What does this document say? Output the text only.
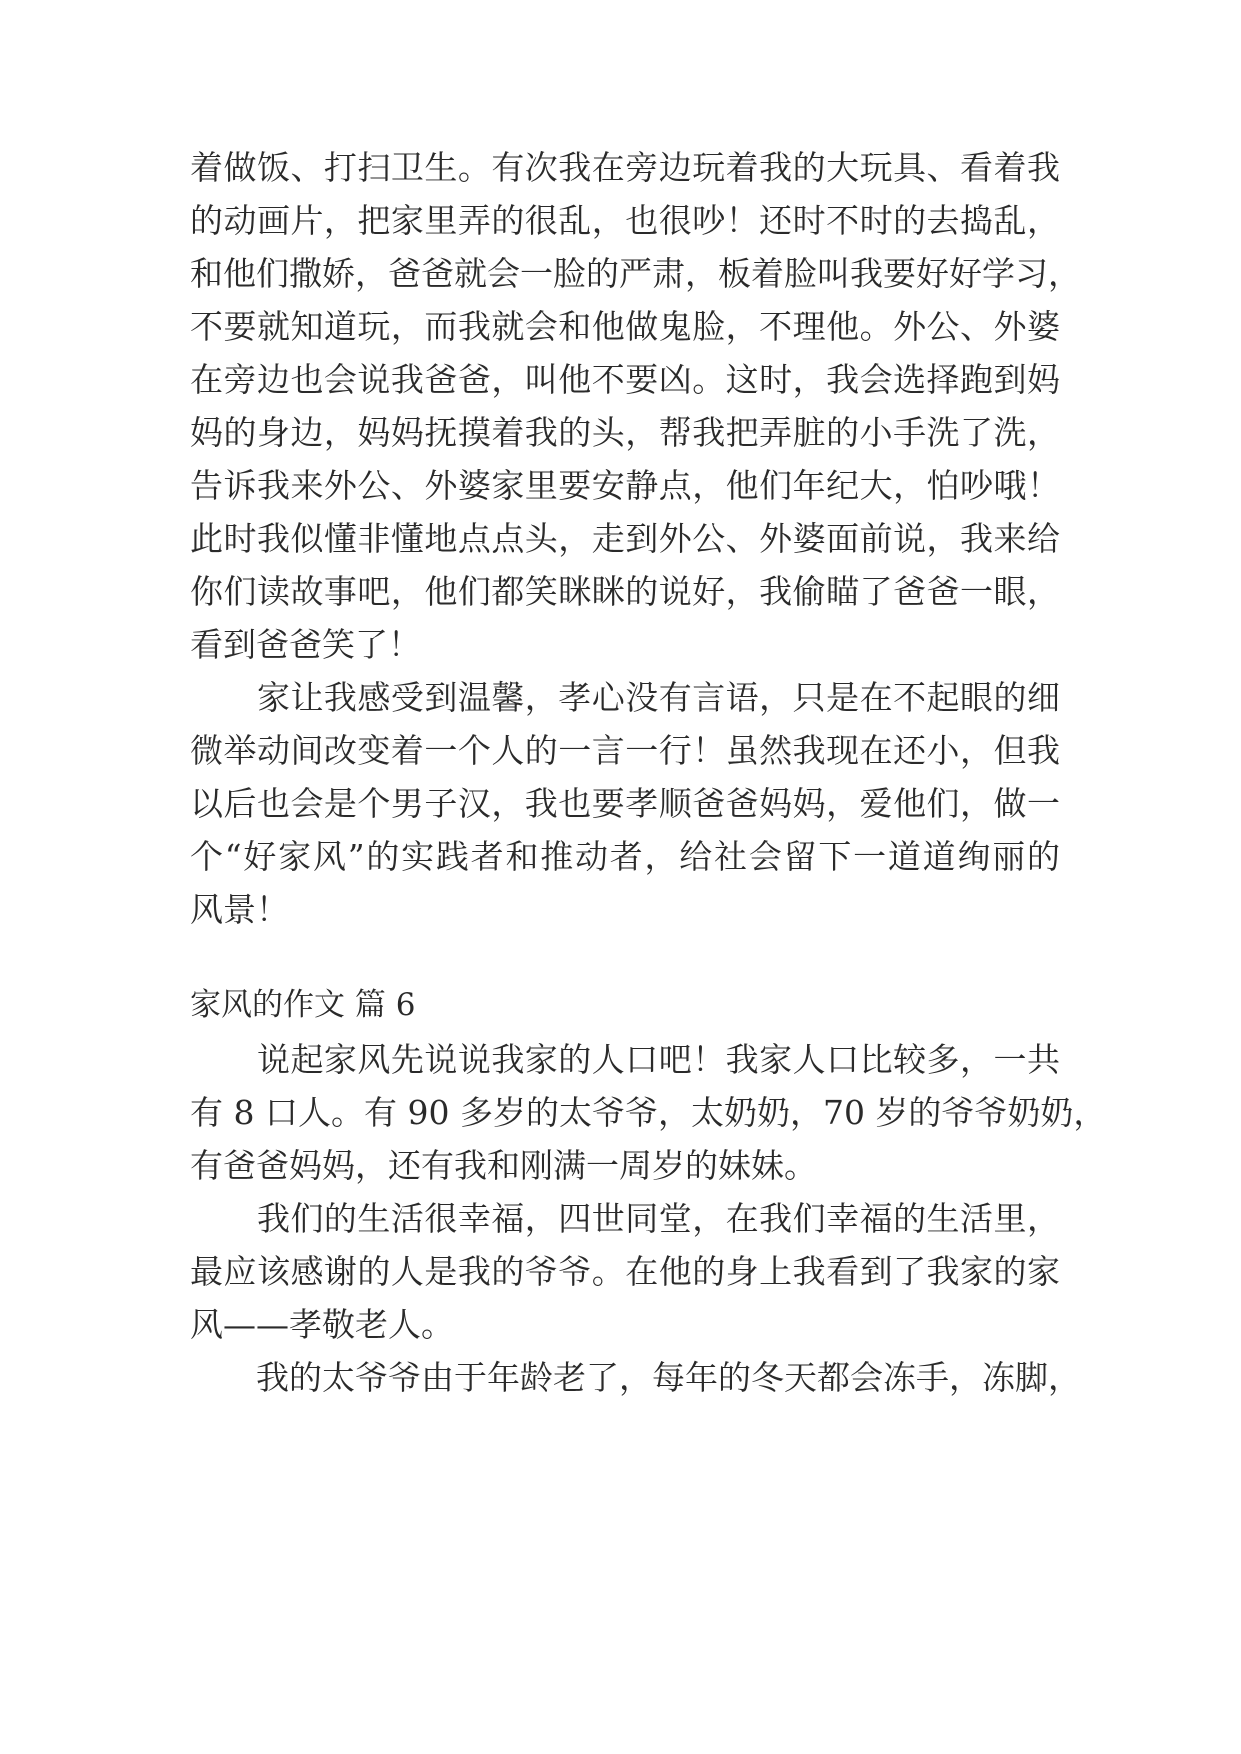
着做饭、打扫卫生。有次我在旁边玩着我的大玩具、看着我
的动画片，把家里弄的很乱，也很吵！还时不时的去捣乱，
和他们撒娇，爸爸就会一脸的严肃，板着脸叫我要好好学习，
不要就知道玩，而我就会和他做鬼脸，不理他。外公、外婆
在旁边也会说我爸爸，叫他不要凶。这时，我会选择跑到妈
妈的身边，妈妈抚摸着我的头，帮我把弄脏的小手洗了洗，
告诉我来外公、外婆家里要安静点，他们年纪大，怕吵哦！
此时我似懂非懂地点点头，走到外公、外婆面前说，我来给
你们读故事吧，他们都笑眯眯的说好，我偷瞄了爸爸一眼，
看到爸爸笑了！
　　家让我感受到温馨，孝心没有言语，只是在不起眼的细
微举动间改变着一个人的一言一行！虽然我现在还小，但我
以后也会是个男子汉，我也要孝顺爸爸妈妈，爱他们，做一
个“好家风”的实践者和推动者，给社会留下一道道绚丽的
风景！
家风的作文 篇 6
　　说起家风先说说我家的人口吧！我家人口比较多，一共
有 8 口人。有 90 多岁的太爷爷，太奶奶，70 岁的爷爷奶奶，
有爸爸妈妈，还有我和刚满一周岁的妹妹。
　　我们的生活很幸福，四世同堂，在我们幸福的生活里，
最应该感谢的人是我的爷爷。在他的身上我看到了我家的家
风——孝敬老人。
　　我的太爷爷由于年龄老了，每年的冬天都会冻手，冻脚，
